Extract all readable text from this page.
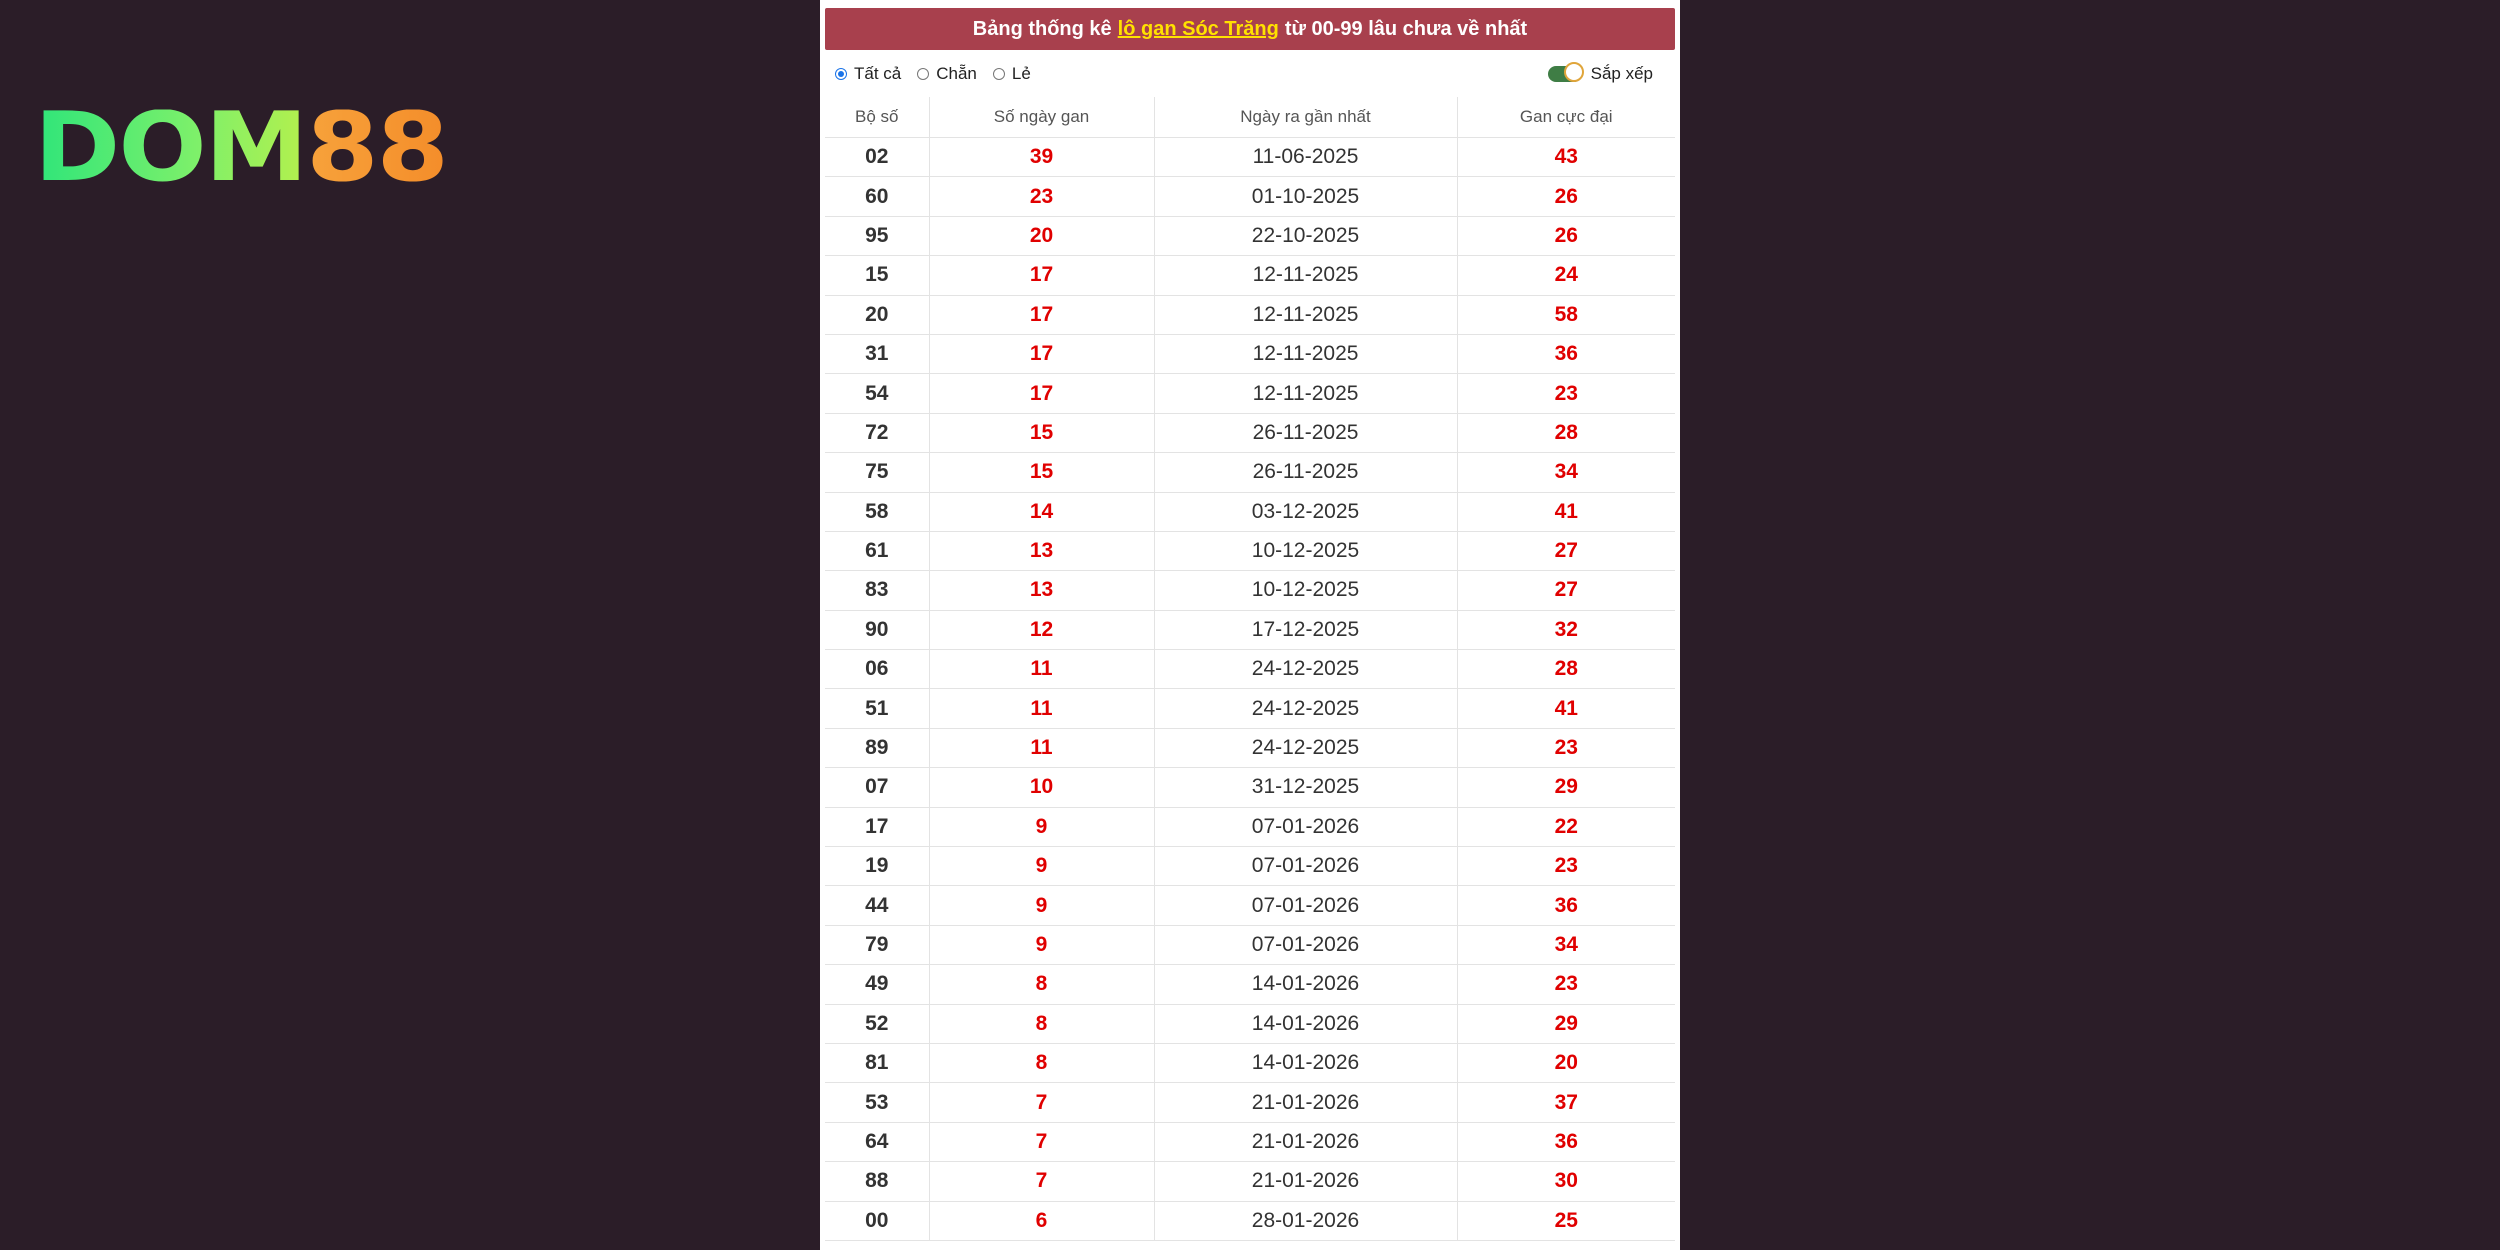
DOM 88
Bảng thống kê lô gan Sóc Trăng từ 00-99 lâu chưa về nhất
Tất cả Chẵn Lẻ	Sắp xếp
Bộ số	Số ngày gan	Ngày ra gần nhất	Gan cực đại
02	39	11-06-2025	43
60	23	01-10-2025	26
95	20	22-10-2025	26
15	17	12-11-2025	24
20	17	12-11-2025	58
31	17	12-11-2025	36
54	17	12-11-2025	23
72	15	26-11-2025	28
75	15	26-11-2025	34
58	14	03-12-2025	41
61	13	10-12-2025	27
83	13	10-12-2025	27
90	12	17-12-2025	32
06	11	24-12-2025	28
51	11	24-12-2025	41
89	11	24-12-2025	23
07	10	31-12-2025	29
17	9	07-01-2026	22
19	9	07-01-2026	23
44	9	07-01-2026	36
79	9	07-01-2026	34
49	8	14-01-2026	23
52	8	14-01-2026	29
81	8	14-01-2026	20
53	7	21-01-2026	37
64	7	21-01-2026	36
88	7	21-01-2026	30
00	6	28-01-2026	25
